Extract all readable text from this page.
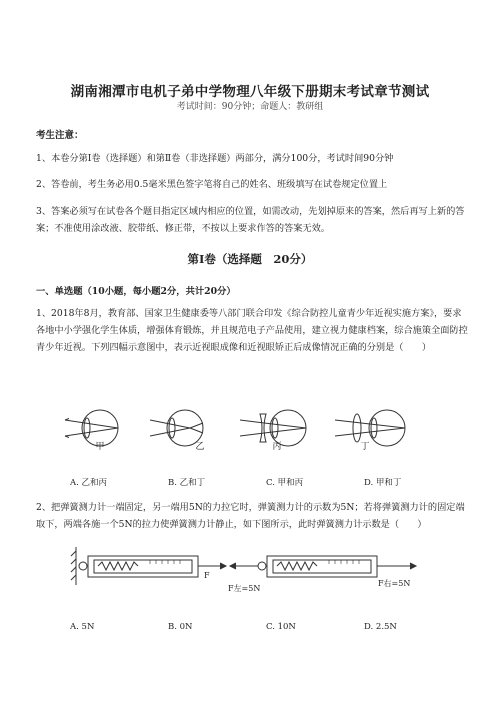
湖南湘潭市电机子弟中学物理八年级下册期末考试章节测试
考试时间：90分钟；命题人：教研组
考生注意：
1、本卷分第Ⅰ卷（选择题）和第Ⅱ卷（非选择题）两部分，满分100分，考试时间90分钟
2、答卷前，考生务必用0.5毫米黑色签字笔将自己的姓名、班级填写在试卷规定位置上
3、答案必须写在试卷各个题目指定区域内相应的位置，如需改动，先划掉原来的答案，然后再写上新的答案；不准使用涂改液、胶带纸、修正带，不按以上要求作答的答案无效。
第Ⅰ卷（选择题　20分）
一、单选题（10小题，每小题2分，共计20分）
1、2018年8月，教育部、国家卫生健康委等八部门联合印发《综合防控儿童青少年近视实施方案》，要求各地中小学强化学生体质，增强体育锻炼，并且规范电子产品使用，建立视力健康档案，综合施策全面防控青少年近视。下列四幅示意图中，表示近视眼成像和近视眼矫正后成像情况正确的分别是（　　）
甲	乙	丙	丁
A. 乙和丙	B. 乙和丁	C. 甲和丙	D. 甲和丁
2、把弹簧测力计一端固定，另一端用5N的力拉它时，弹簧测力计的示数为5N；若将弹簧测力计的固定端取下，两端各施一个5N的拉力使弹簧测力计静止，如下图所示，此时弹簧测力计示数是（　　）
F
F左=5N
F右=5N
A. 5N	B. 0N	C. 10N	D. 2.5N
